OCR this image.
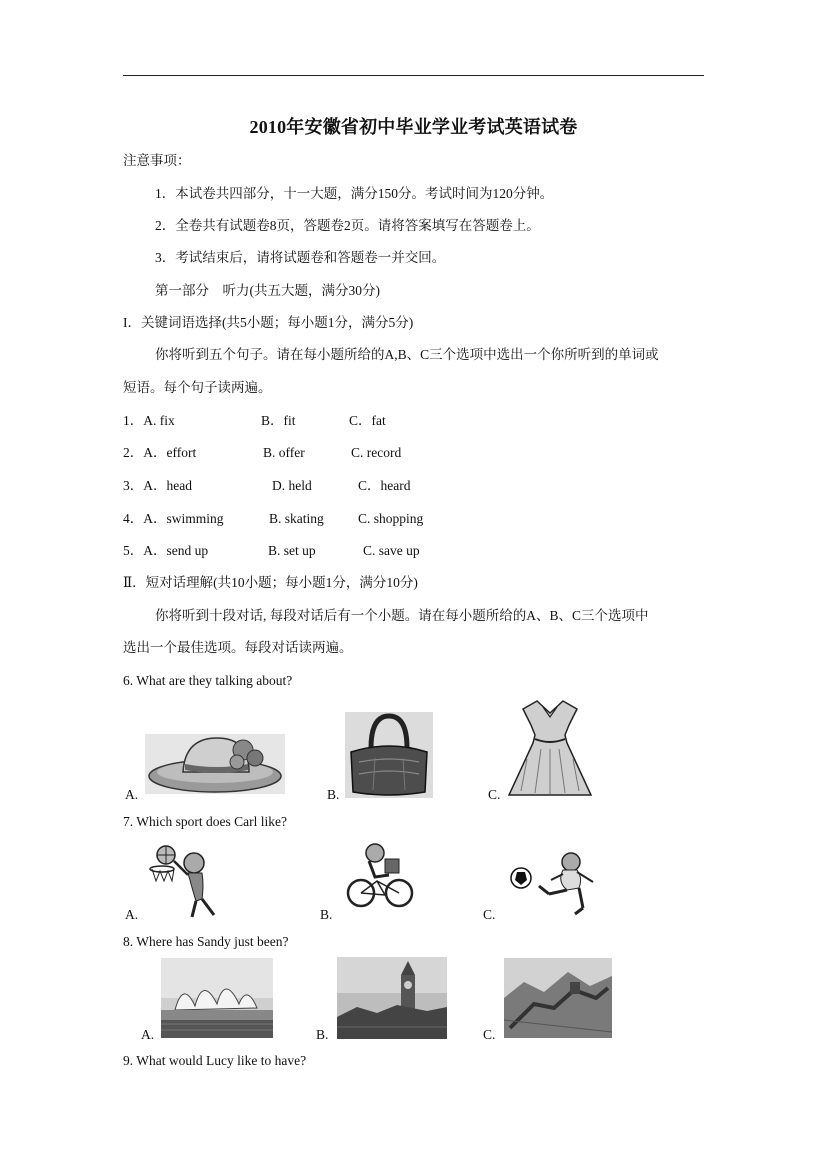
2010年安徽省初中毕业学业考试英语试卷
注意事项：
1．本试卷共四部分，十一大题，满分150分。考试时间为120分钟。
2．全卷共有试题卷8页，答题卷2页。请将答案填写在答题卷上。
3．考试结束后，请将试题卷和答题卷一并交回。
第一部分　听力(共五大题，满分30分)
I．关键词语选择(共5小题；每小题1分，满分5分)
你将听到五个句子。请在每小题所给的A,B、C三个选项中选出一个你所听到的单词或
短语。每个句子读两遍。
1．A. fix	B．fit	C．fat
2．A．effort	B. offer	C. record
3．A．head	D. held	C．heard
4．A．swimming	B. skating	C. shopping
5．A．send up	B. set up	C. save up
Ⅱ．短对话理解(共10小题；每小题1分，满分10分)
你将听到十段对话, 每段对话后有一个小题。请在每小题所给的A、B、C三个选项中
选出一个最佳选项。每段对话读两遍。
6. What are they talking about?
A.	B.	C.
7. Which sport does Carl like?
A.	B.	C.
8. Where has Sandy just been?
A.	B.	C.
9. What would Lucy like to have?
